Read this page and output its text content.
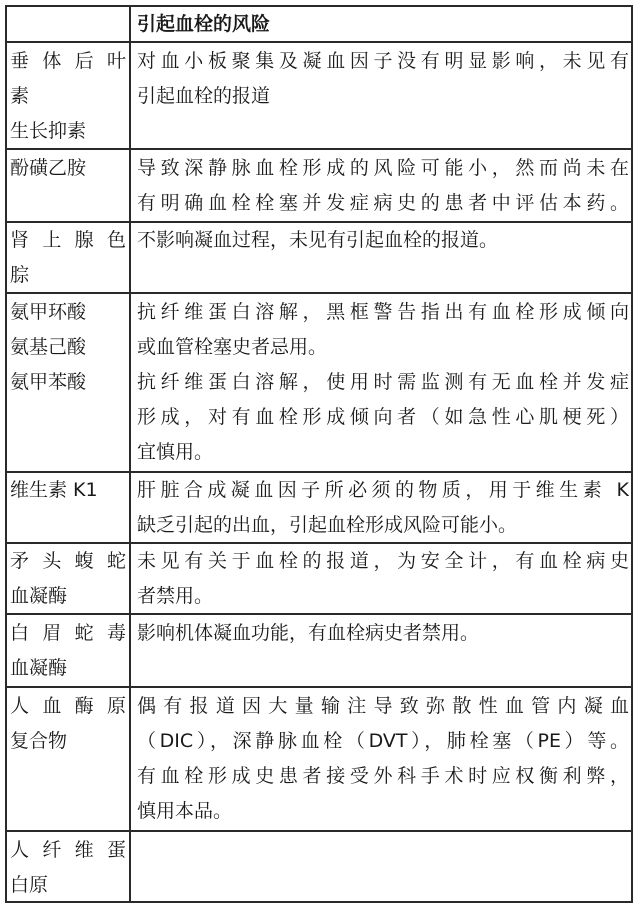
引起血栓的风险
垂体后叶
素
生长抑素
对血小板聚集及凝血因子没有明显影响，未见有
引起血栓的报道
酚磺乙胺	导致深静脉血栓形成的风险可能小，然而尚未在
有明确血栓栓塞并发症病史的患者中评估本药。
肾上腺色
腙
不影响凝血过程，未见有引起血栓的报道。
氨甲环酸
氨基己酸
氨甲苯酸
抗纤维蛋白溶解，黑框警告指出有血栓形成倾向
或血管栓塞史者忌用。
抗纤维蛋白溶解，使用时需监测有无血栓并发症
形成，对有血栓形成倾向者（如急性心肌梗死）
宜慎用。
维生素 K1	肝脏合成凝血因子所必须的物质，用于维生素 K
缺乏引起的出血，引起血栓形成风险可能小。
矛头蝮蛇
血凝酶
未见有关于血栓的报道，为安全计，有血栓病史
者禁用。
白眉蛇毒
血凝酶
影响机体凝血功能，有血栓病史者禁用。
人血酶原
复合物
偶有报道因大量输注导致弥散性血管内凝血
（DIC），深静脉血栓（DVT），肺栓塞（PE）等。
有血栓形成史患者接受外科手术时应权衡利弊，
慎用本品。
人纤维蛋
白原
